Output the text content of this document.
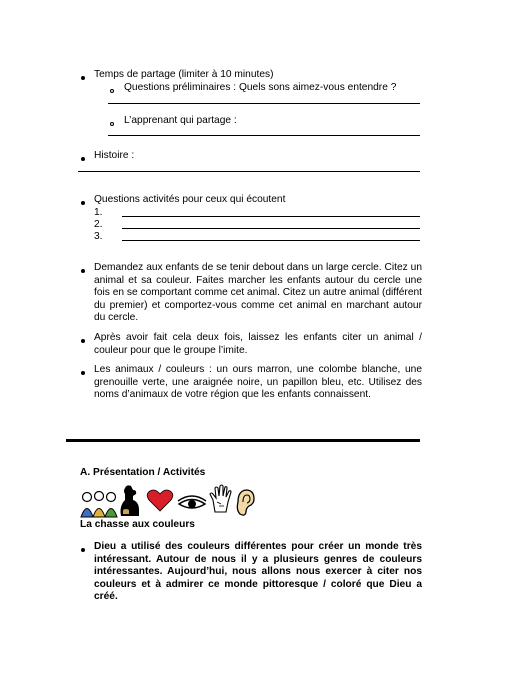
Temps de partage (limiter à 10 minutes)
Questions préliminaires : Quels sons aimez-vous entendre ?
L’apprenant qui partage :
Histoire :
Questions activités pour ceux qui écoutent
1.
2.
3.
Demandez aux enfants de se tenir debout dans un large cercle. Citez un animal et sa couleur. Faites marcher les enfants autour du cercle une fois en se comportant comme cet animal. Citez un autre animal (différent du premier) et comportez-vous comme cet animal en marchant autour du cercle.
Après avoir fait cela deux fois, laissez les enfants citer un animal / couleur pour que le groupe l’imite.
Les animaux / couleurs : un ours marron, une colombe blanche, une grenouille verte, une araignée noire, un papillon bleu, etc. Utilisez des noms d’animaux de votre région que les enfants connaissent.
A. Présentation / Activités
La chasse aux couleurs
Dieu a utilisé des couleurs différentes pour créer un monde très intéressant. Autour de nous il y a plusieurs genres de couleurs intéressantes. Aujourd’hui, nous allons nous exercer à citer nos couleurs et à admirer ce monde pittoresque / coloré que Dieu a créé.
